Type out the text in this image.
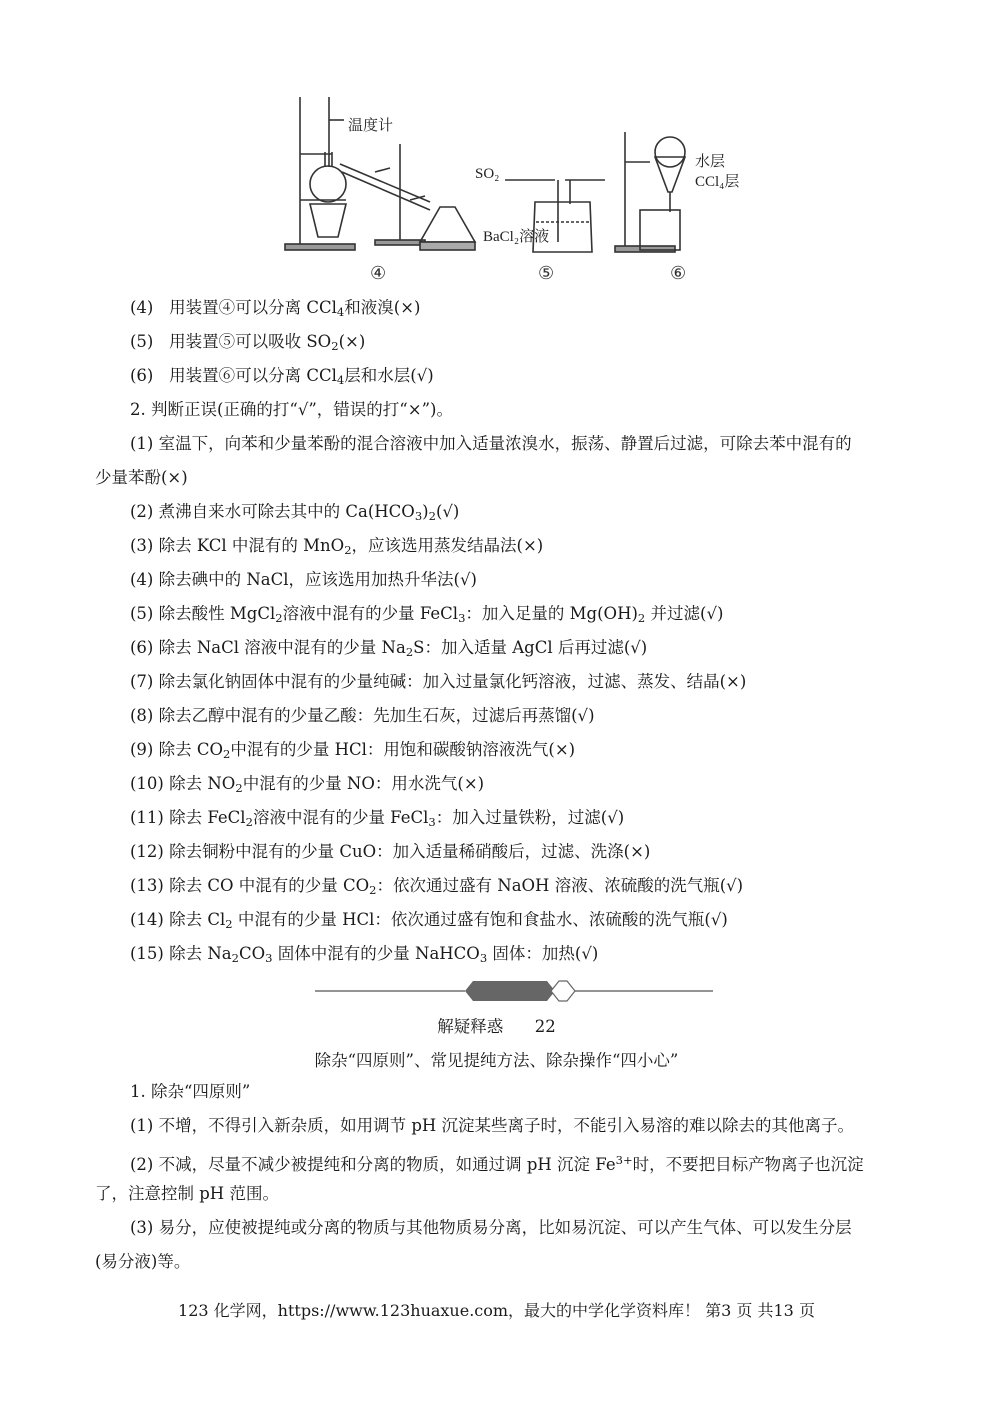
SO₂
温度计
BaCl₂溶液
水层
CCl₄层
④	⑤	⑥
(4) 用装置④可以分离 CCl$_4$和液溴(×)
(5) 用装置⑤可以吸收 $SO_2(\times)$
(6) 用装置⑥可以分离 CCl$_4$层和水层(√)
2. 判断正误(正确的打“√”，错误的打“×”)。
(1) 室温下，向苯和少量苯酚的混合溶液中加入适量浓溴水，振荡、静置后过滤，可除去苯中混有的
少量苯酚(×)
(2) 煮沸自来水可除去其中的 $Ca(HCO_3)_2(√)$
(3) 除去 KCl 中混有的 MnO$_2$，应该选用蒸发结晶法(×)
(4) 除去碘中的 NaCl，应该选用加热升华法(√)
(5) 除去酸性 MgCl$_2$溶液中混有的少量 FeCl$_3$：加入足量的 $Mg(OH)_2$ 并过滤(√)
(6) 除去 NaCl 溶液中混有的少量 $Na_2S$：加入适量 AgCl 后再过滤(√)
(7) 除去氯化钠固体中混有的少量纯碱：加入过量氯化钙溶液，过滤、蒸发、结晶(×)
(8) 除去乙醇中混有的少量乙酸：先加生石灰，过滤后再蒸馏(√)
(9) 除去 $CO_2$中混有的少量 HCl：用饱和碳酸钠溶液洗气(×)
(10) 除去 $NO_2$中混有的少量 NO：用水洗气(×)
(11) 除去 FeCl$_2$溶液中混有的少量 FeCl$_3$：加入过量铁粉，过滤(√)
(12) 除去铜粉中混有的少量 CuO：加入适量稀硝酸后，过滤、洗涤(×)
(13) 除去 CO 中混有的少量 $CO_2$：依次通过盛有 NaOH 溶液、浓硫酸的洗气瓶(√)
(14) 除去 $Cl_2$ 中混有的少量 HCl：依次通过盛有饱和食盐水、浓硫酸的洗气瓶(√)
(15) 除去 $Na_2CO_3$ 固体中混有的少量 NaHCO$_3$ 固体：加热(√)
解疑释惑 22
除杂“四原则”、常见提纯方法、除杂操作“四小心”
1. 除杂“四原则”
(1) 不增，不得引入新杂质，如用调节 pH 沉淀某些离子时，不能引入易溶的难以除去的其他离子。
(2) 不减，尽量不减少被提纯和分离的物质，如通过调 pH 沉淀 $Fe^{3+}$时，不要把目标产物离子也沉淀
了，注意控制 pH 范围。
(3) 易分，应使被提纯或分离的物质与其他物质易分离，比如易沉淀、可以产生气体、可以发生分层
(易分液)等。
123 化学网，https://www.123huaxue.com，最大的中学化学资料库！ 第3 页 共13 页
